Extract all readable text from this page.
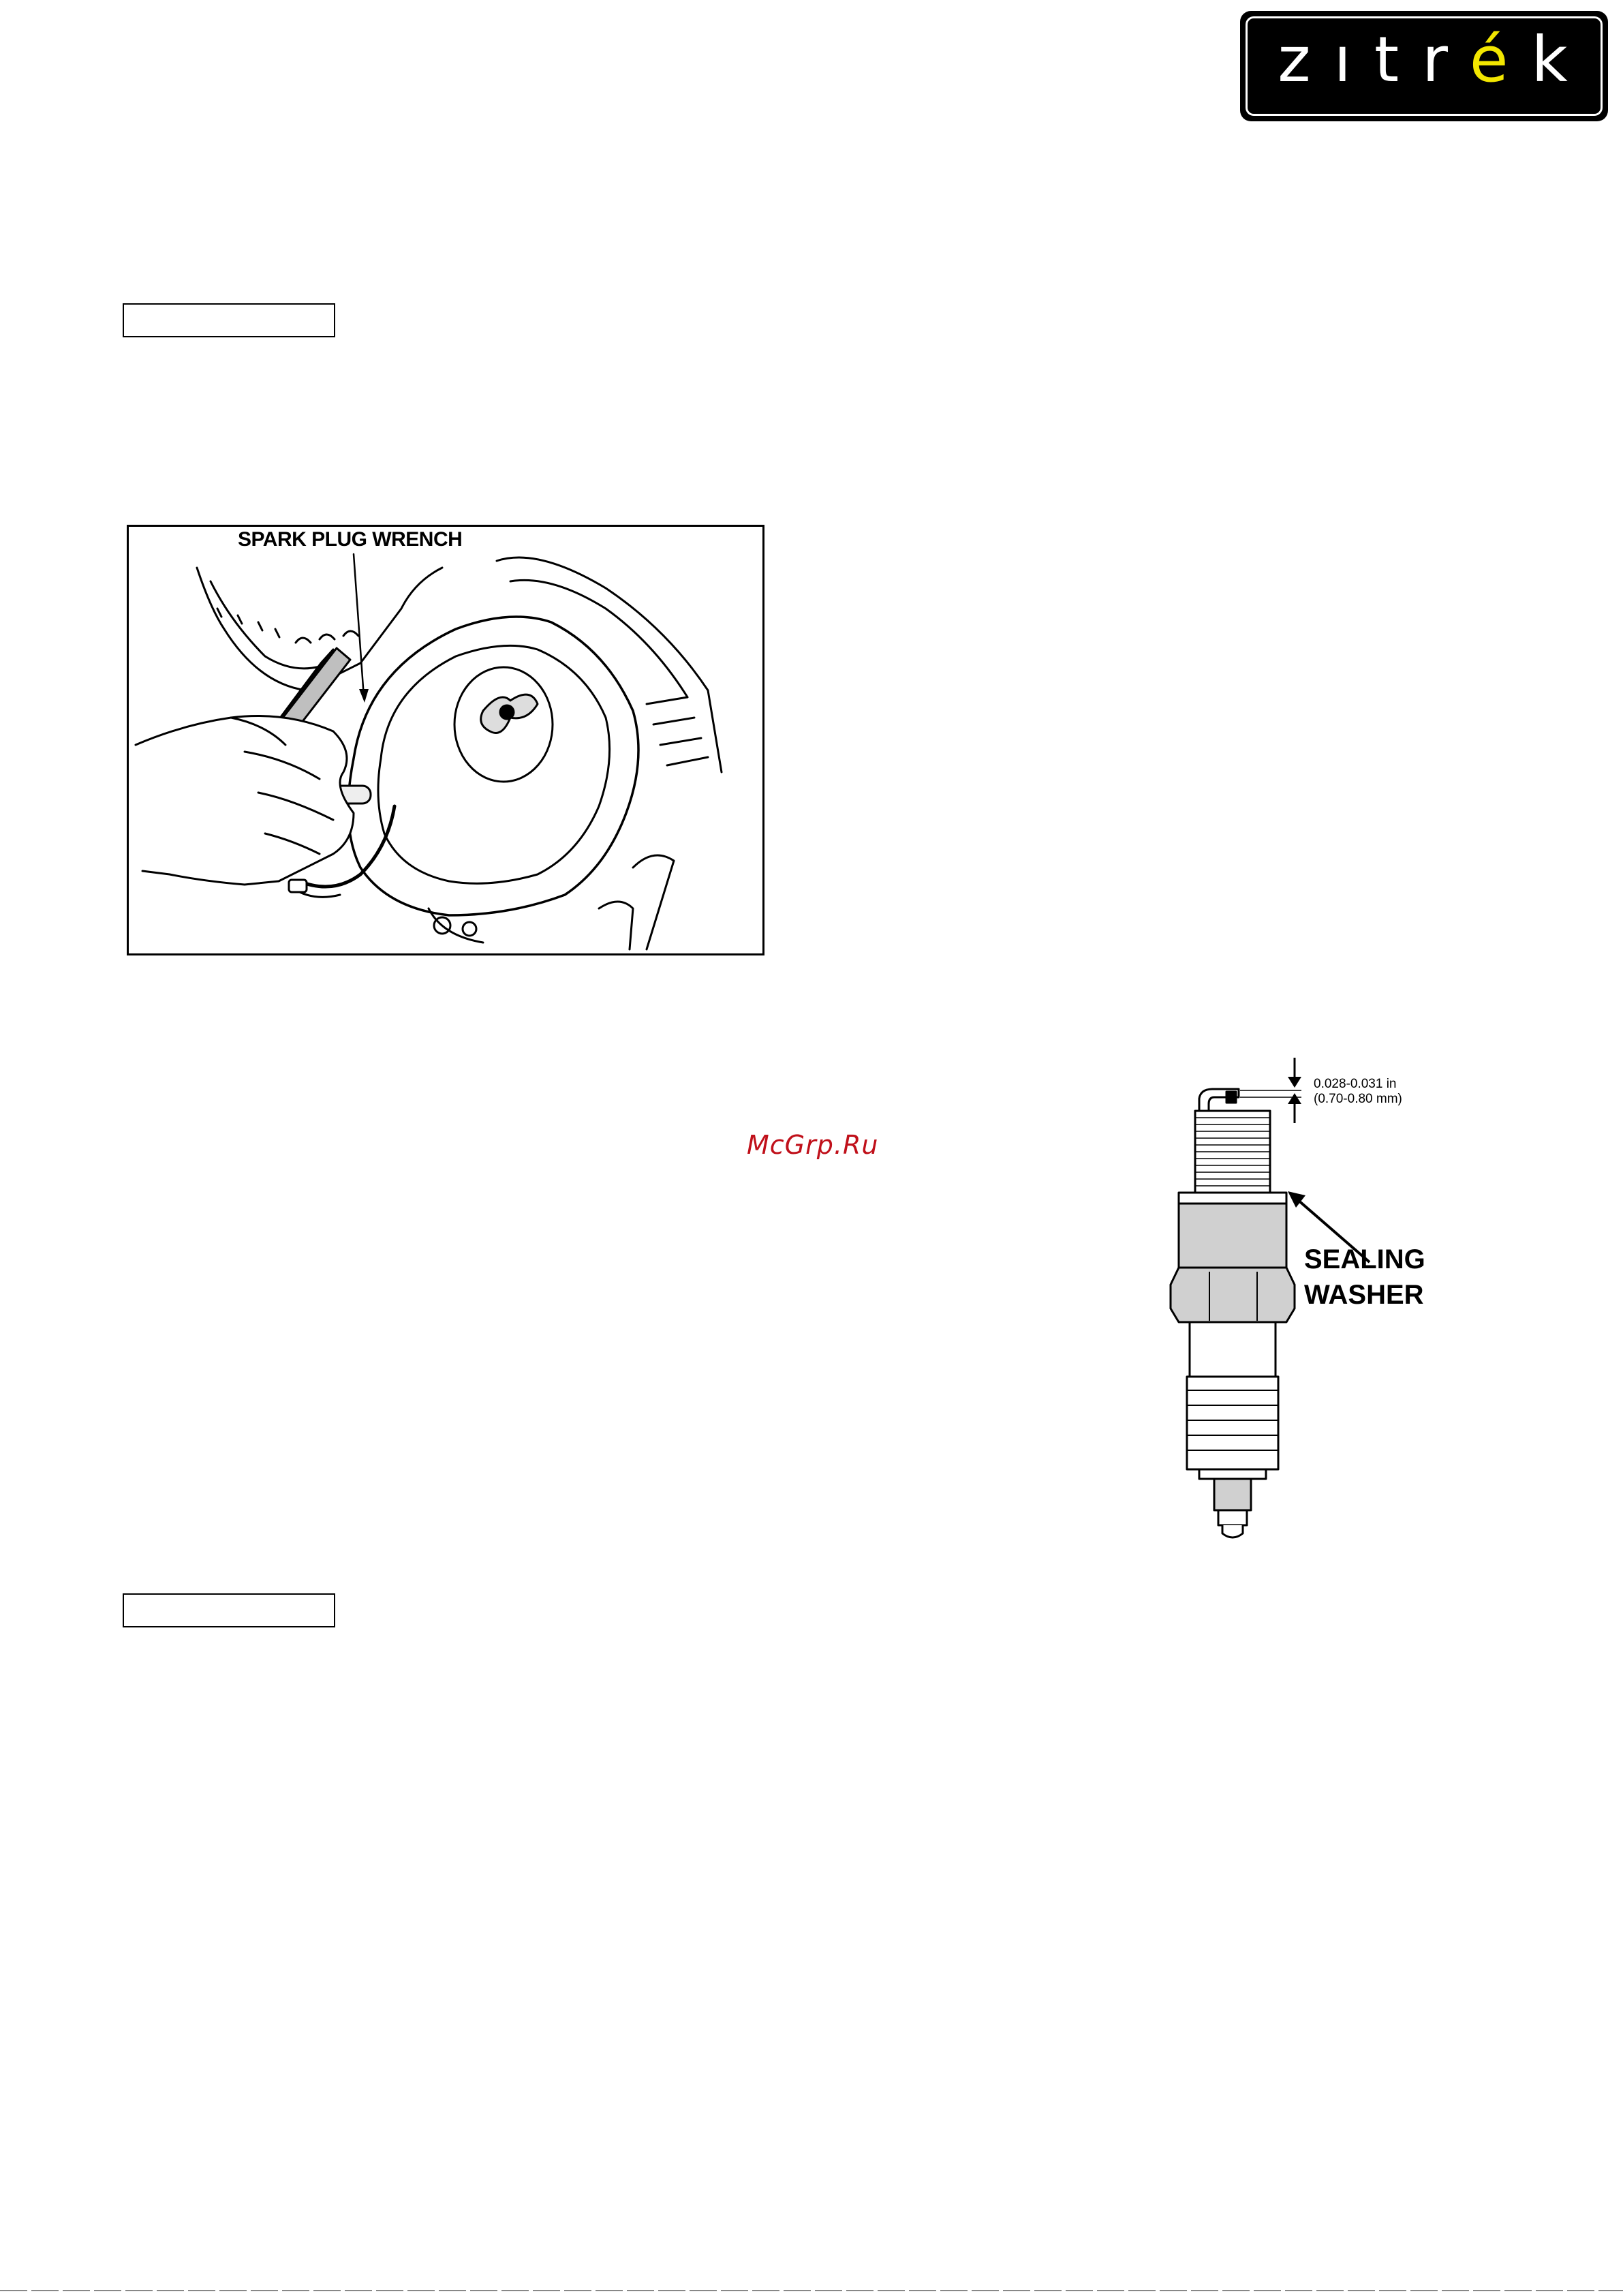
zıtrék
SPARK PLUG WRENCH
McGrp.Ru
0.028-0.031 in
(0.70-0.80 mm)
SEALING
WASHER
